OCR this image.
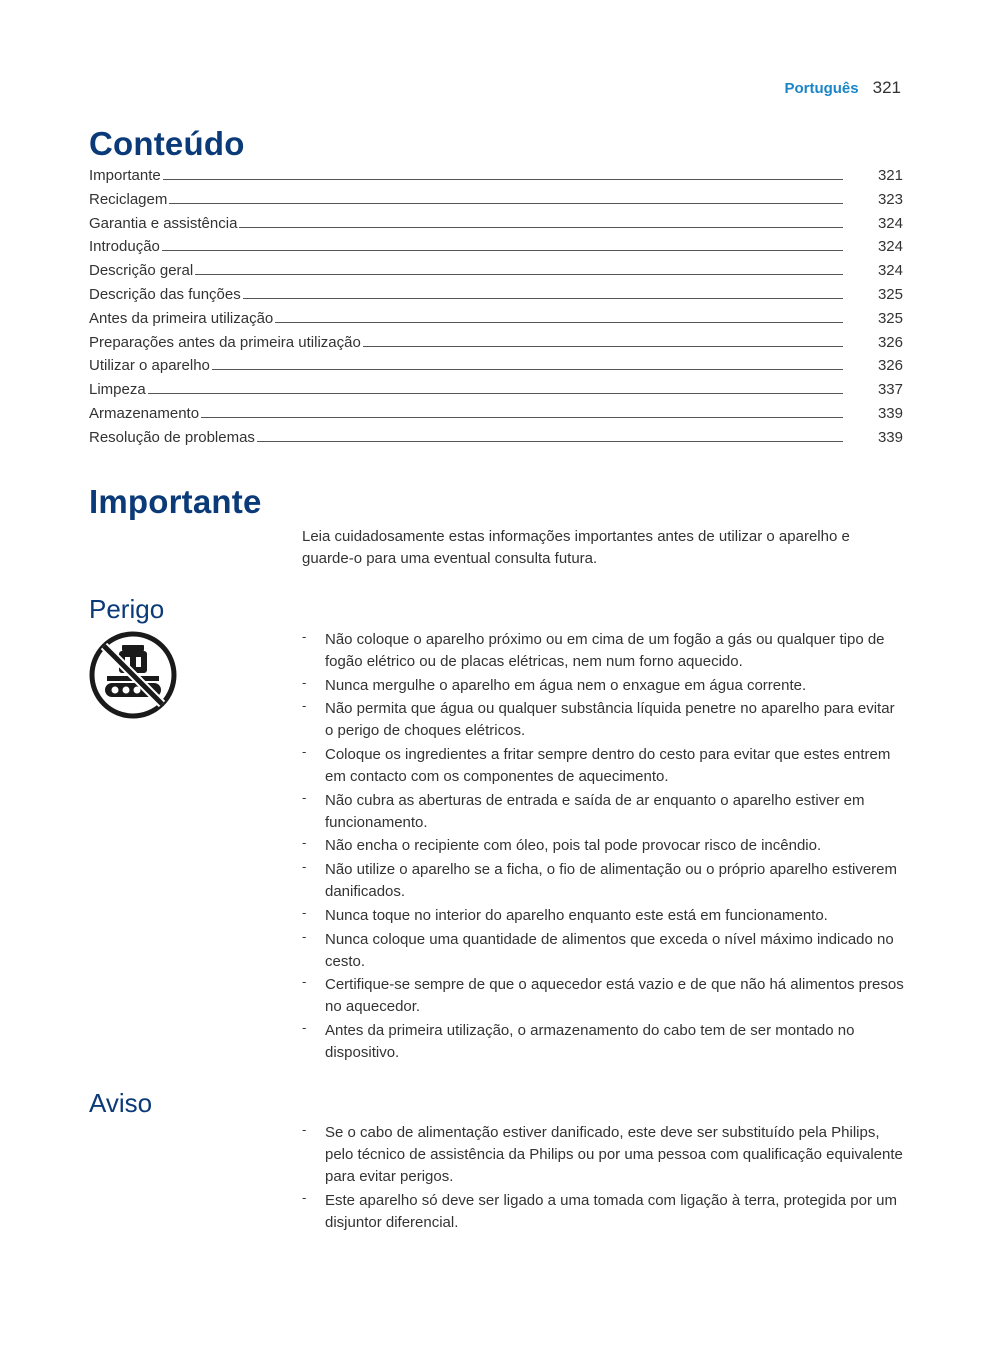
Português 321
Conteúdo
Importante	321
Reciclagem	323
Garantia e assistência	324
Introdução	324
Descrição geral	324
Descrição das funções	325
Antes da primeira utilização	325
Preparações antes da primeira utilização	326
Utilizar o aparelho	326
Limpeza	337
Armazenamento	339
Resolução de problemas	339
Importante

Leia cuidadosamente estas informações importantes antes de utilizar o aparelho e guarde-o para uma eventual consulta futura.

Perigo
- Não coloque o aparelho próximo ou em cima de um fogão a gás ou qualquer tipo de fogão elétrico ou de placas elétricas, nem num forno aquecido.
- Nunca mergulhe o aparelho em água nem o enxague em água corrente.
- Não permita que água ou qualquer substância líquida penetre no aparelho para evitar o perigo de choques elétricos.
- Coloque os ingredientes a fritar sempre dentro do cesto para evitar que estes entrem em contacto com os componentes de aquecimento.
- Não cubra as aberturas de entrada e saída de ar enquanto o aparelho estiver em funcionamento.
- Não encha o recipiente com óleo, pois tal pode provocar risco de incêndio.
- Não utilize o aparelho se a ficha, o fio de alimentação ou o próprio aparelho estiverem danificados.
- Nunca toque no interior do aparelho enquanto este está em funcionamento.
- Nunca coloque uma quantidade de alimentos que exceda o nível máximo indicado no cesto.
- Certifique-se sempre de que o aquecedor está vazio e de que não há alimentos presos no aquecedor.
- Antes da primeira utilização, o armazenamento do cabo tem de ser montado no dispositivo.
Aviso
- Se o cabo de alimentação estiver danificado, este deve ser substituído pela Philips, pelo técnico de assistência da Philips ou por uma pessoa com qualificação equivalente para evitar perigos.
- Este aparelho só deve ser ligado a uma tomada com ligação à terra, protegida por um disjuntor diferencial.
